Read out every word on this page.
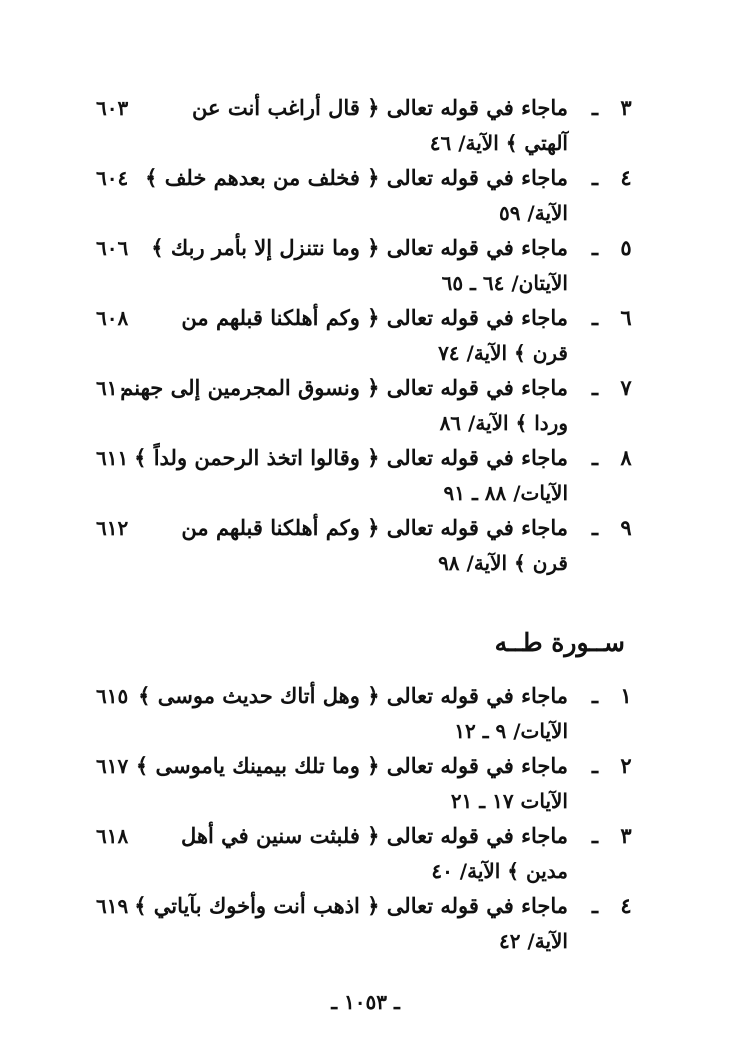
٣
ـ
ماجاء في قوله تعالى ﴿ قال أراغب أنت عن
٦٠٣
آلهتي ﴾ الآية/ ٤٦
٤
ـ
ماجاء في قوله تعالى ﴿ فخلف من بعدهم خلف ﴾
٦٠٤
الآية/ ٥٩
٥
ـ
ماجاء في قوله تعالى ﴿ وما نتنزل إلا بأمر ربك ﴾
٦٠٦
الآيتان/ ٦٤ ـ ٦٥
٦
ـ
ماجاء في قوله تعالى ﴿ وكم أهلكنا قبلهم من
٦٠٨
قرن ﴾ الآية/ ٧٤
٧
ـ
ماجاء في قوله تعالى ﴿ ونسوق المجرمين إلى جهنم
٦١٠
وردا ﴾ الآية/ ٨٦
٨
ـ
ماجاء في قوله تعالى ﴿ وقالوا اتخذ الرحمن ولداً ﴾
٦١١
الآيات/ ٨٨ ـ ٩١
٩
ـ
ماجاء في قوله تعالى ﴿ وكم أهلكنا قبلهم من
٦١٢
قرن ﴾ الآية/ ٩٨
ســورة طــه
١
ـ
ماجاء في قوله تعالى ﴿ وهل أتاك حديث موسى ﴾
٦١٥
الآيات/ ٩ ـ ١٢
٢
ـ
ماجاء في قوله تعالى ﴿ وما تلك بيمينك ياموسى ﴾
٦١٧
الآيات ١٧ ـ ٢١
٣
ـ
ماجاء في قوله تعالى ﴿ فلبثت سنين في أهل
٦١٨
مدين ﴾ الآية/ ٤٠
٤
ـ
ماجاء في قوله تعالى ﴿ اذهب أنت وأخوك بآياتي ﴾
٦١٩
الآية/ ٤٢
ـ ١٠٥٣ ـ
